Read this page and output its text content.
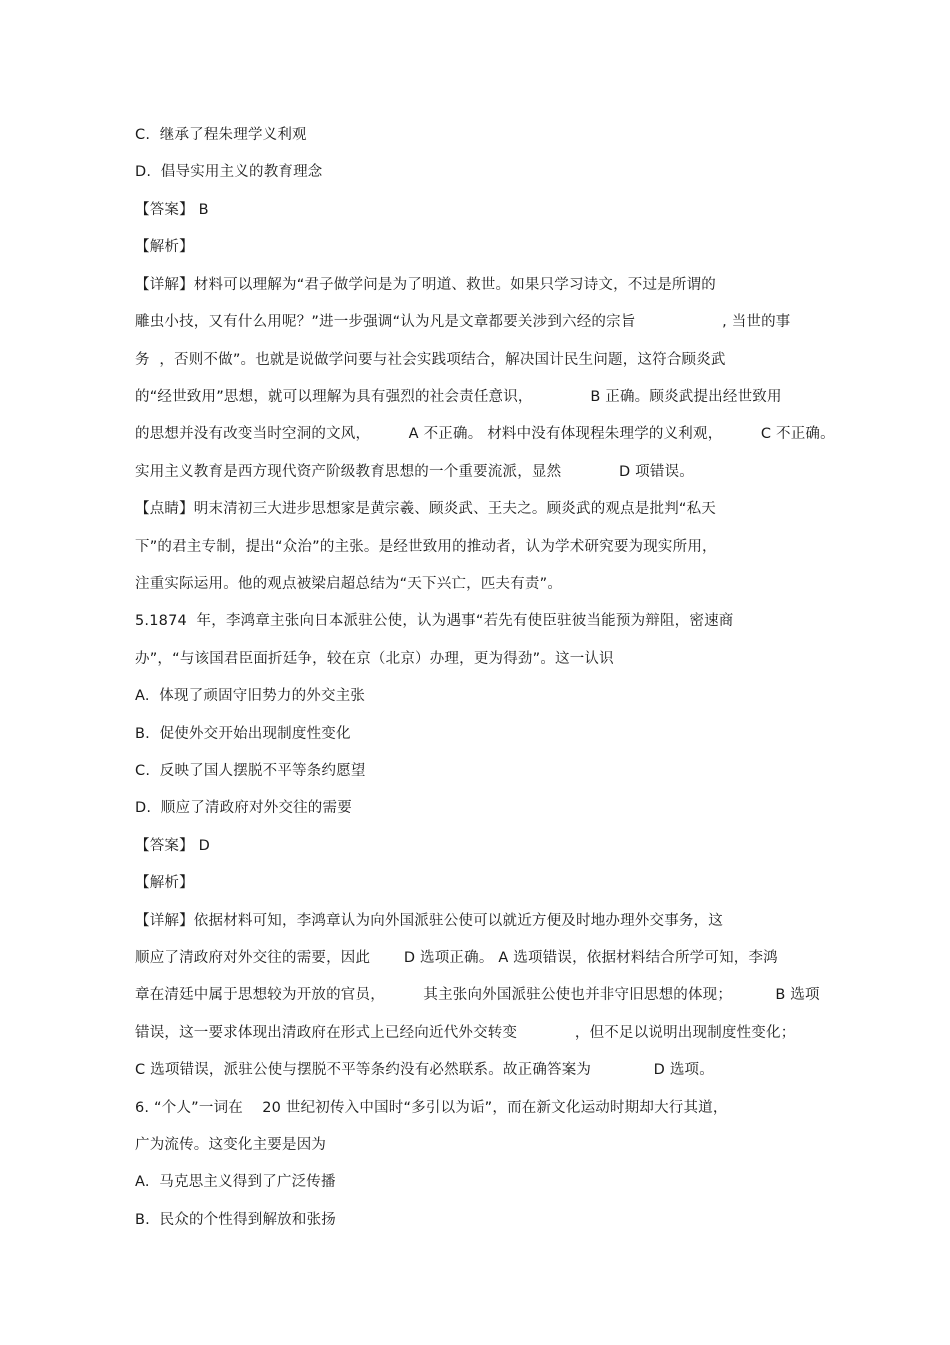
C.  继承了程朱理学义利观
D.  倡导实用主义的教育理念
【答案】 B
【解析】
【详解】材料可以理解为“君子做学问是为了明道、救世。如果只学习诗文，不过是所谓的
雕虫小技，又有什么用呢？”进一步强调“认为凡是文章都要关涉到六经的宗旨                  , 当世的事
务  ，否则不做”。也就是说做学问要与社会实践项结合，解决国计民生问题，这符合顾炎武
的“经世致用”思想，就可以理解为具有强烈的社会责任意识，            B 正确。顾炎武提出经世致用
的思想并没有改变当时空洞的文风，        A 不正确。 材料中没有体现程朱理学的义利观，        C 不正确。
实用主义教育是西方现代资产阶级教育思想的一个重要流派，显然            D 项错误。
【点睛】明末清初三大进步思想家是黄宗羲、顾炎武、王夫之。顾炎武的观点是批判“私天
下”的君主专制，提出“众治”的主张。是经世致用的推动者，认为学术研究要为现实所用，
注重实际运用。他的观点被梁启超总结为“天下兴亡，匹夫有责”。
5.1874  年，李鸿章主张向日本派驻公使，认为遇事“若先有使臣驻彼当能预为辩阻，密速商
办”，“与该国君臣面折廷争，较在京（北京）办理，更为得劲”。这一认识
A.  体现了顽固守旧势力的外交主张
B.  促使外交开始出现制度性变化
C.  反映了国人摆脱不平等条约愿望
D.  顺应了清政府对外交往的需要
【答案】 D
【解析】
【详解】依据材料可知，李鸿章认为向外国派驻公使可以就近方便及时地办理外交事务，这
顺应了清政府对外交往的需要，因此       D 选项正确。 A 选项错误，依据材料结合所学可知，李鸿
章在清廷中属于思想较为开放的官员，        其主张向外国派驻公使也并非守旧思想的体现；         B 选项
错误，这一要求体现出清政府在形式上已经向近代外交转变            ，但不足以说明出现制度性变化；
C 选项错误，派驻公使与摆脱不平等条约没有必然联系。故正确答案为             D 选项。
6. “个人”一词在    20 世纪初传入中国时“多引以为诟”，而在新文化运动时期却大行其道，
广为流传。这变化主要是因为
A.  马克思主义得到了广泛传播
B.  民众的个性得到解放和张扬
